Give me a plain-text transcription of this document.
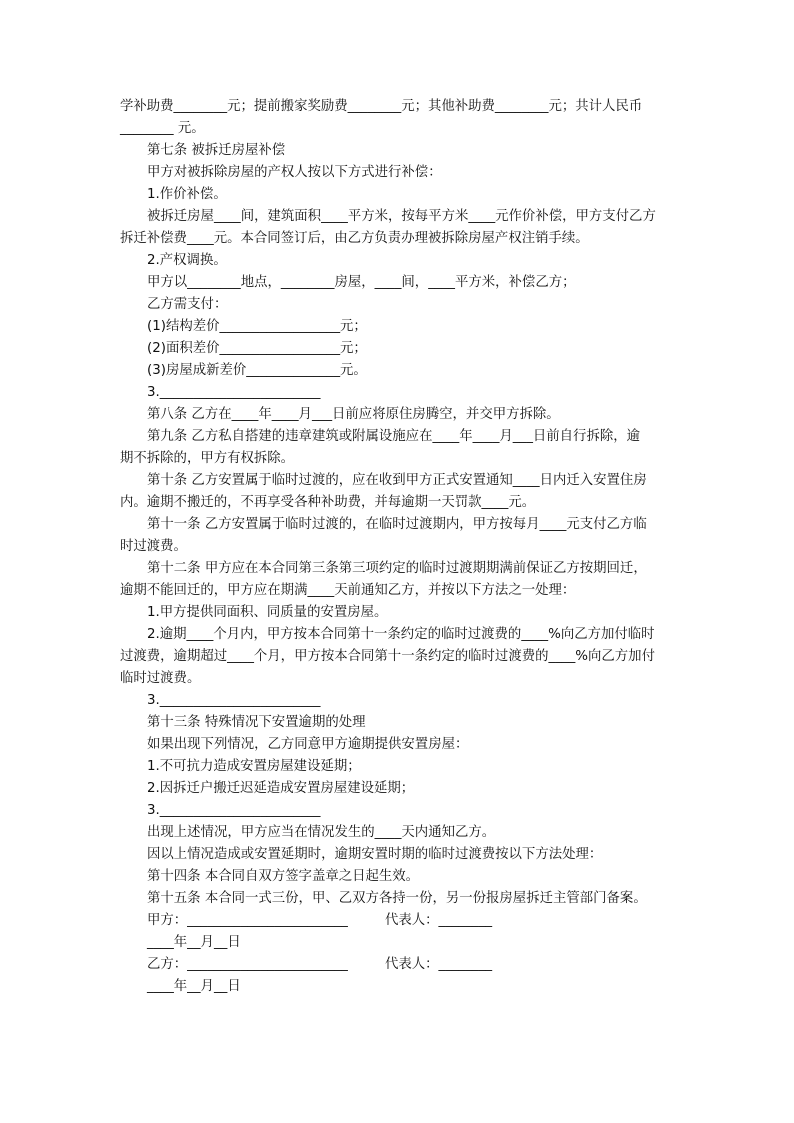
学补助费________元；提前搬家奖励费________元；其他补助费________元；共计人民币
________ 元。
第七条 被拆迁房屋补偿
甲方对被拆除房屋的产权人按以下方式进行补偿：
1.作价补偿。
被拆迁房屋____间，建筑面积____平方米，按每平方米____元作价补偿，甲方支付乙方
拆迁补偿费____元。本合同签订后，由乙方负责办理被拆除房屋产权注销手续。
2.产权调换。
甲方以________地点，________房屋，____间，____平方米，补偿乙方；
乙方需支付：
(1)结构差价__________________元；
(2)面积差价__________________元；
(3)房屋成新差价______________元。
3.________________________
第八条 乙方在____年____月___日前应将原住房腾空，并交甲方拆除。
第九条 乙方私自搭建的违章建筑或附属设施应在____年____月___日前自行拆除，逾
期不拆除的，甲方有权拆除。
第十条 乙方安置属于临时过渡的，应在收到甲方正式安置通知____日内迁入安置住房
内。逾期不搬迁的，不再享受各种补助费，并每逾期一天罚款____元。
第十一条 乙方安置属于临时过渡的，在临时过渡期内，甲方按每月____元支付乙方临
时过渡费。
第十二条 甲方应在本合同第三条第三项约定的临时过渡期期满前保证乙方按期回迁，
逾期不能回迁的，甲方应在期满____天前通知乙方，并按以下方法之一处理：
1.甲方提供同面积、同质量的安置房屋。
2.逾期____个月内，甲方按本合同第十一条约定的临时过渡费的____%向乙方加付临时
过渡费，逾期超过____个月，甲方按本合同第十一条约定的临时过渡费的____%向乙方加付
临时过渡费。
3.________________________
第十三条 特殊情况下安置逾期的处理
如果出现下列情况，乙方同意甲方逾期提供安置房屋：
1.不可抗力造成安置房屋建设延期；
2.因拆迁户搬迁迟延造成安置房屋建设延期；
3.________________________
出现上述情况，甲方应当在情况发生的____天内通知乙方。
因以上情况造成或安置延期时，逾期安置时期的临时过渡费按以下方法处理：
第十四条 本合同自双方签字盖章之日起生效。
第十五条 本合同一式三份，甲、乙双方各持一份，另一份报房屋拆迁主管部门备案。
甲方：________________________	代表人：________
____年__月__日
乙方：________________________	代表人：________
____年__月__日
